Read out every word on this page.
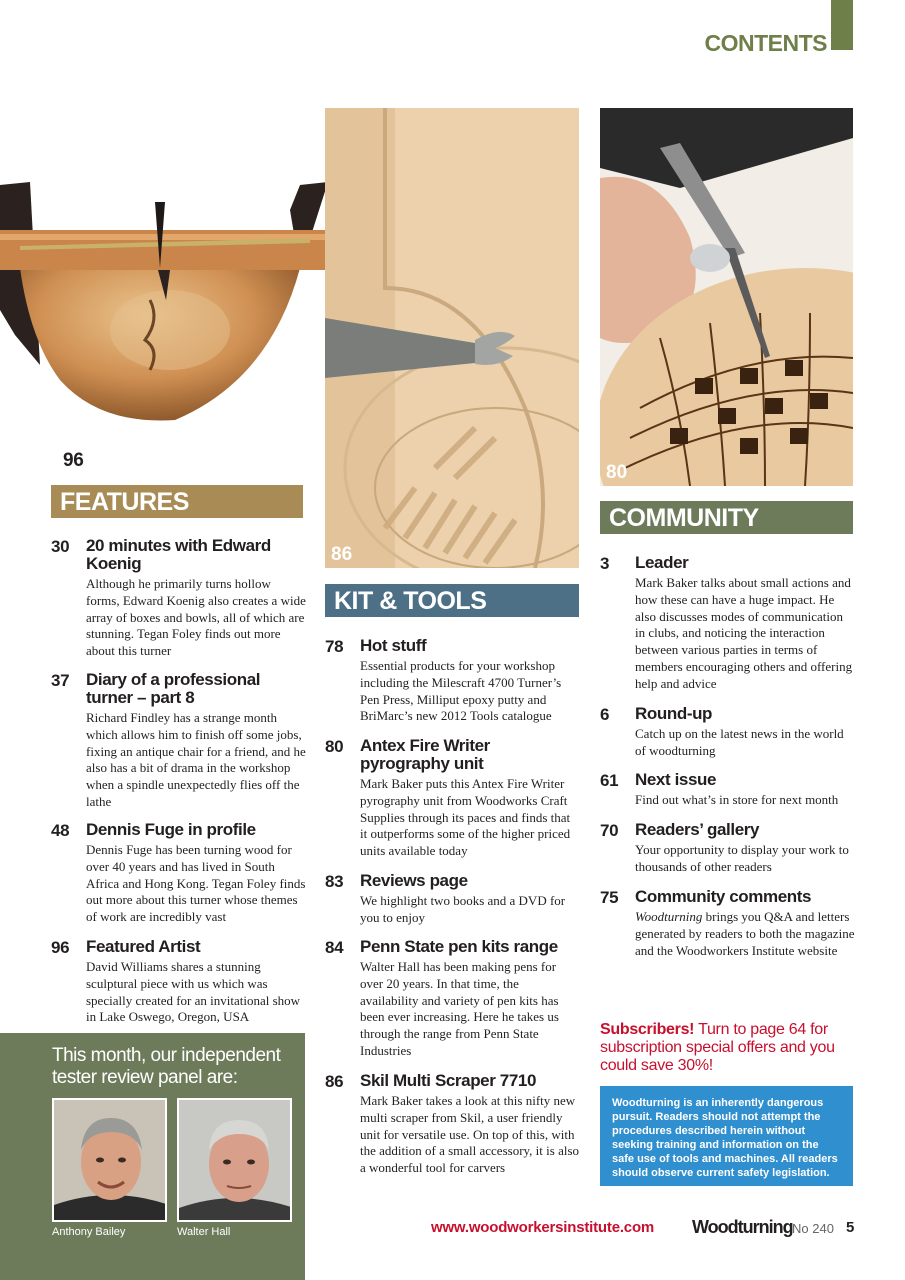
CONTENTS
96
86
80
FEATURES
30 20 minutes with Edward Koenig
Although he primarily turns hollow forms, Edward Koenig also creates a wide array of boxes and bowls, all of which are stunning. Tegan Foley finds out more about this turner
37 Diary of a professional turner – part 8
Richard Findley has a strange month which allows him to finish off some jobs, fixing an antique chair for a friend, and he also has a bit of drama in the workshop when a spindle unexpectedly flies off the lathe
48 Dennis Fuge in profile
Dennis Fuge has been turning wood for over 40 years and has lived in South Africa and Hong Kong. Tegan Foley finds out more about this turner whose themes of work are incredibly vast
96 Featured Artist
David Williams shares a stunning sculptural piece with us which was specially created for an invitational show in Lake Oswego, Oregon, USA
KIT & TOOLS
78 Hot stuff
Essential products for your workshop including the Milescraft 4700 Turner’s Pen Press, Milliput epoxy putty and BriMarc’s new 2012 Tools catalogue
80 Antex Fire Writer pyrography unit
Mark Baker puts this Antex Fire Writer pyrography unit from Woodworks Craft Supplies through its paces and finds that it outperforms some of the higher priced units available today
83 Reviews page
We highlight two books and a DVD for you to enjoy
84 Penn State pen kits range
Walter Hall has been making pens for over 20 years. In that time, the availability and variety of pen kits has been ever increasing. Here he takes us through the range from Penn State Industries
86 Skil Multi Scraper 7710
Mark Baker takes a look at this nifty new multi scraper from Skil, a user friendly unit for versatile use. On top of this, with the addition of a small accessory, it is also a wonderful tool for carvers
COMMUNITY
3 Leader
Mark Baker talks about small actions and how these can have a huge impact. He also discusses modes of communication in clubs, and noticing the interaction between various parties in terms of members encouraging others and offering help and advice
6 Round-up
Catch up on the latest news in the world of woodturning
61 Next issue
Find out what’s in store for next month
70 Readers’ gallery
Your opportunity to display your work to thousands of other readers
75 Community comments
Woodturning brings you Q&A and letters generated by readers to both the magazine and the Woodworkers Institute website
Subscribers! Turn to page 64 for subscription special offers and you could save 30%!
Woodturning is an inherently dangerous pursuit. Readers should not attempt the procedures described herein without seeking training and information on the safe use of tools and machines. All readers should observe current safety legislation.
This month, our independent tester review panel are:
Anthony Bailey	Walter Hall	www.woodworkersinstitute.com Woodturning No 240 5
